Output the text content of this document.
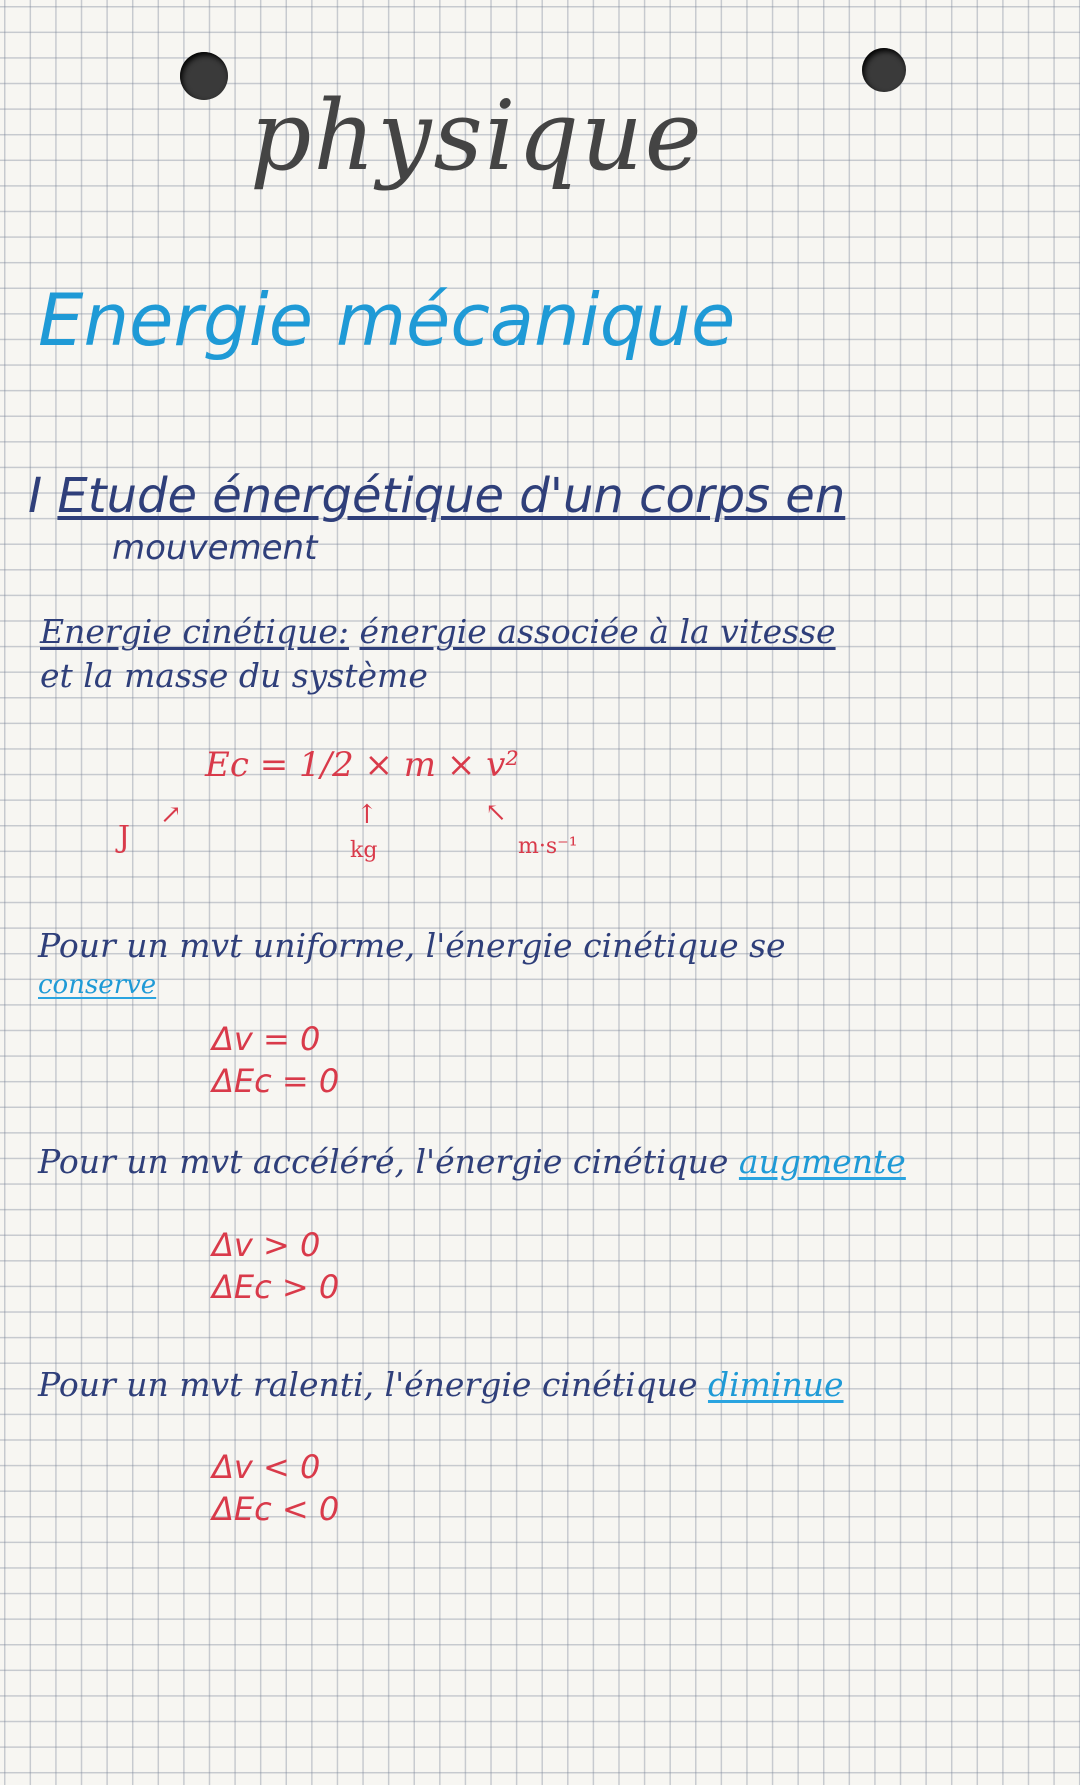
physique
Energie mécanique
I Etude énergétique d'un corps en
mouvement
Energie cinétique: énergie associée à la vitesse
et la masse du système
Ec = 1/2 × m × v²
J
↗	↑
kg
↖
m·s⁻¹
Pour un mvt uniforme, l'énergie cinétique se
conserve
Δv = 0
ΔEc = 0
Pour un mvt accéléré, l'énergie cinétique augmente
Δv > 0
ΔEc > 0
Pour un mvt ralenti, l'énergie cinétique diminue
Δv < 0
ΔEc < 0
